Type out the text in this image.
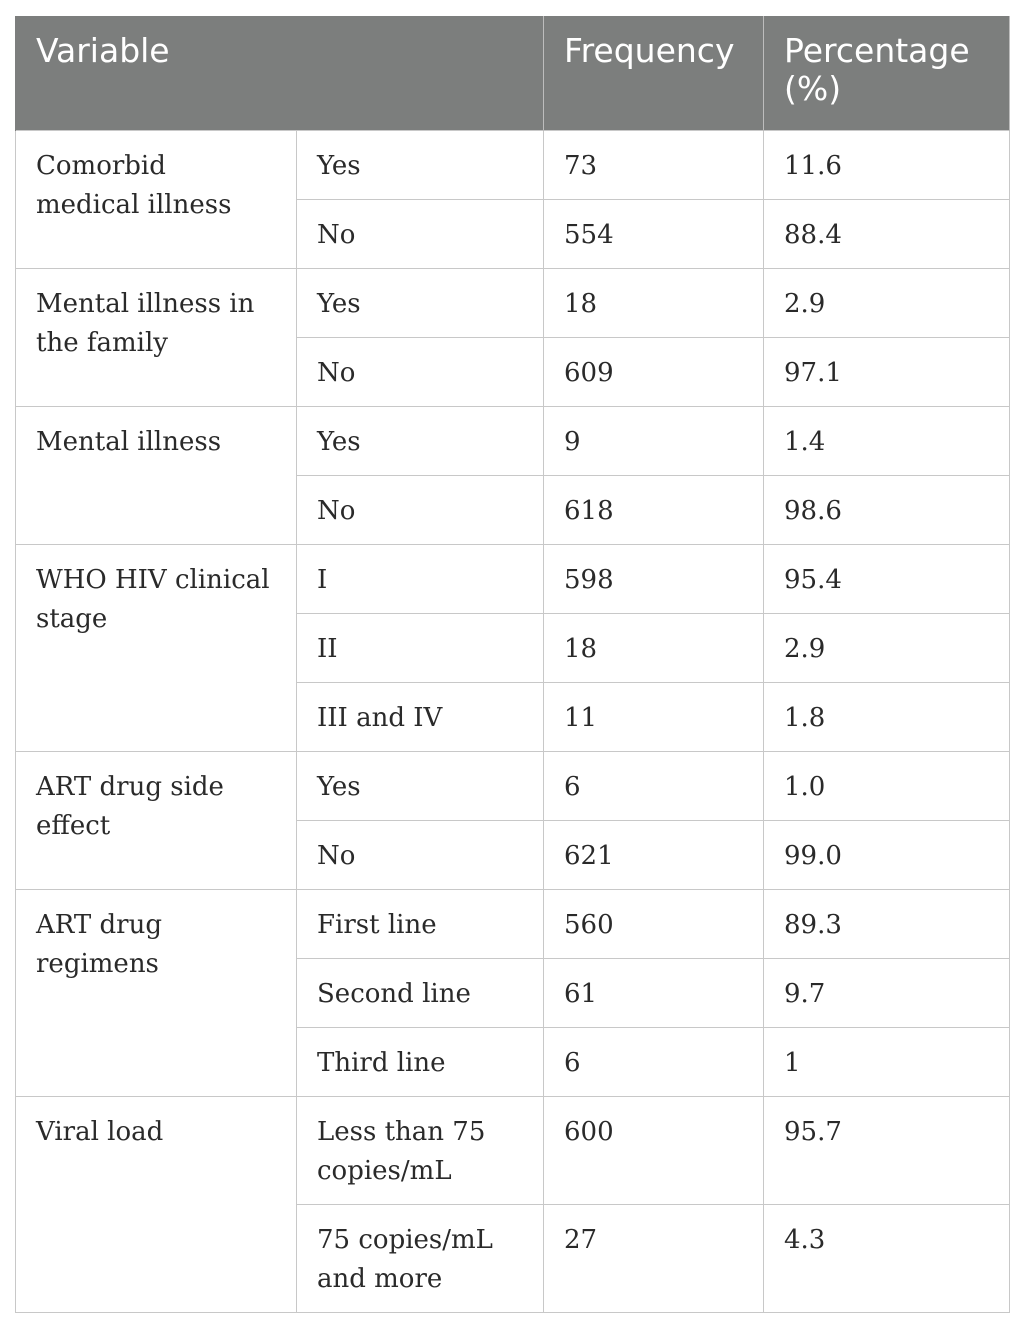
Variable		Frequency	Percentage (%)
Comorbid medical illness	Yes	73	11.6
	No	554	88.4
Mental illness in the family	Yes	18	2.9
	No	609	97.1
Mental illness	Yes	9	1.4
	No	618	98.6
WHO HIV clinical stage	I	598	95.4
	II	18	2.9
	III and IV	11	1.8
ART drug side effect	Yes	6	1.0
	No	621	99.0
ART drug regimens	First line	560	89.3
	Second line	61	9.7
	Third line	6	1
Viral load	Less than 75 copies/mL	600	95.7
	75 copies/mL and more	27	4.3
